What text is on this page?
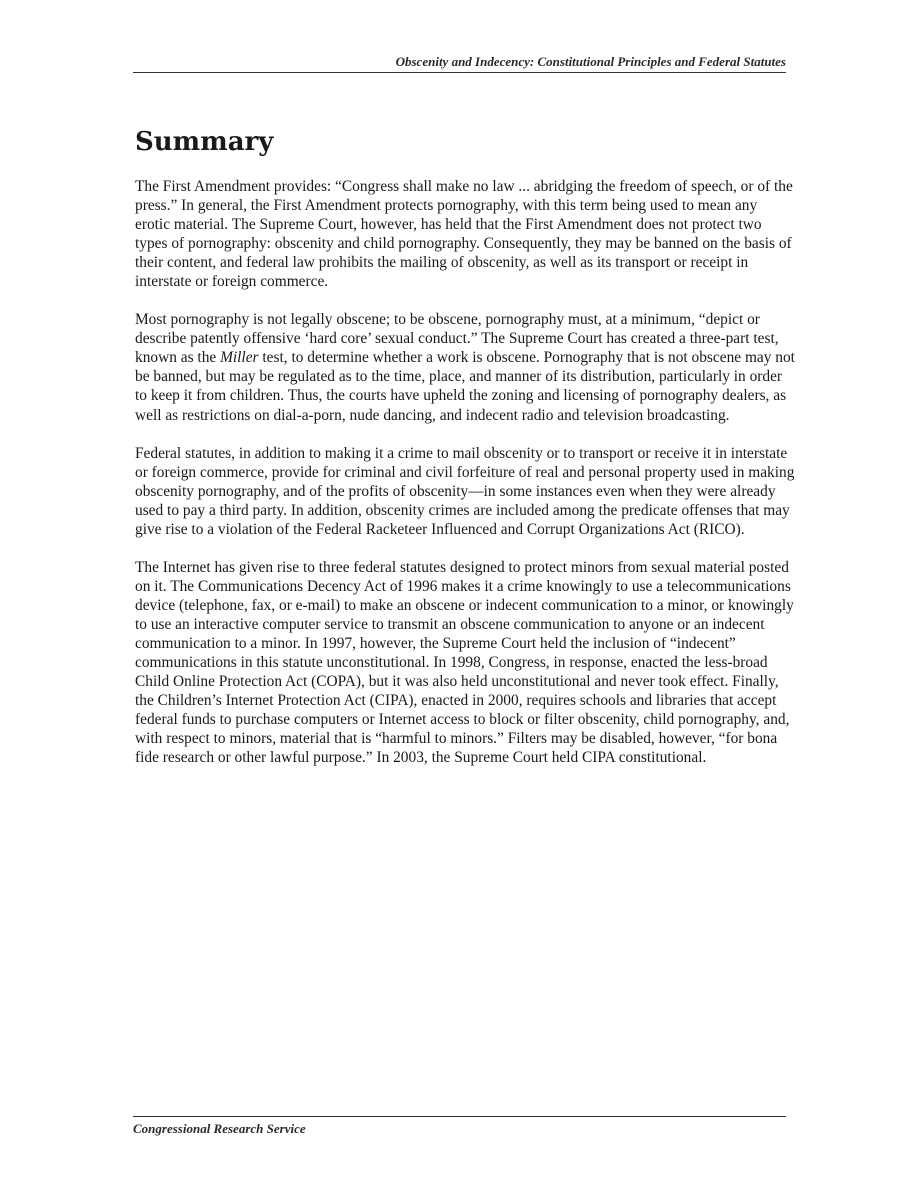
Obscenity and Indecency: Constitutional Principles and Federal Statutes
Summary

The First Amendment provides: “Congress shall make no law ... abridging the freedom of speech, or of the press.” In general, the First Amendment protects pornography, with this term being used to mean any erotic material. The Supreme Court, however, has held that the First Amendment does not protect two types of pornography: obscenity and child pornography. Consequently, they may be banned on the basis of their content, and federal law prohibits the mailing of obscenity, as well as its transport or receipt in interstate or foreign commerce.

Most pornography is not legally obscene; to be obscene, pornography must, at a minimum, “depict or describe patently offensive ‘hard core’ sexual conduct.” The Supreme Court has created a three-part test, known as the Miller test, to determine whether a work is obscene. Pornography that is not obscene may not be banned, but may be regulated as to the time, place, and manner of its distribution, particularly in order to keep it from children. Thus, the courts have upheld the zoning and licensing of pornography dealers, as well as restrictions on dial-a-porn, nude dancing, and indecent radio and television broadcasting.

Federal statutes, in addition to making it a crime to mail obscenity or to transport or receive it in interstate or foreign commerce, provide for criminal and civil forfeiture of real and personal property used in making obscenity pornography, and of the profits of obscenity—in some instances even when they were already used to pay a third party. In addition, obscenity crimes are included among the predicate offenses that may give rise to a violation of the Federal Racketeer Influenced and Corrupt Organizations Act (RICO).

The Internet has given rise to three federal statutes designed to protect minors from sexual material posted on it. The Communications Decency Act of 1996 makes it a crime knowingly to use a telecommunications device (telephone, fax, or e-mail) to make an obscene or indecent communication to a minor, or knowingly to use an interactive computer service to transmit an obscene communication to anyone or an indecent communication to a minor. In 1997, however, the Supreme Court held the inclusion of “indecent” communications in this statute unconstitutional. In 1998, Congress, in response, enacted the less-broad Child Online Protection Act (COPA), but it was also held unconstitutional and never took effect. Finally, the Children’s Internet Protection Act (CIPA), enacted in 2000, requires schools and libraries that accept federal funds to purchase computers or Internet access to block or filter obscenity, child pornography, and, with respect to minors, material that is “harmful to minors.” Filters may be disabled, however, “for bona fide research or other lawful purpose.” In 2003, the Supreme Court held CIPA constitutional.

Congressional Research Service
